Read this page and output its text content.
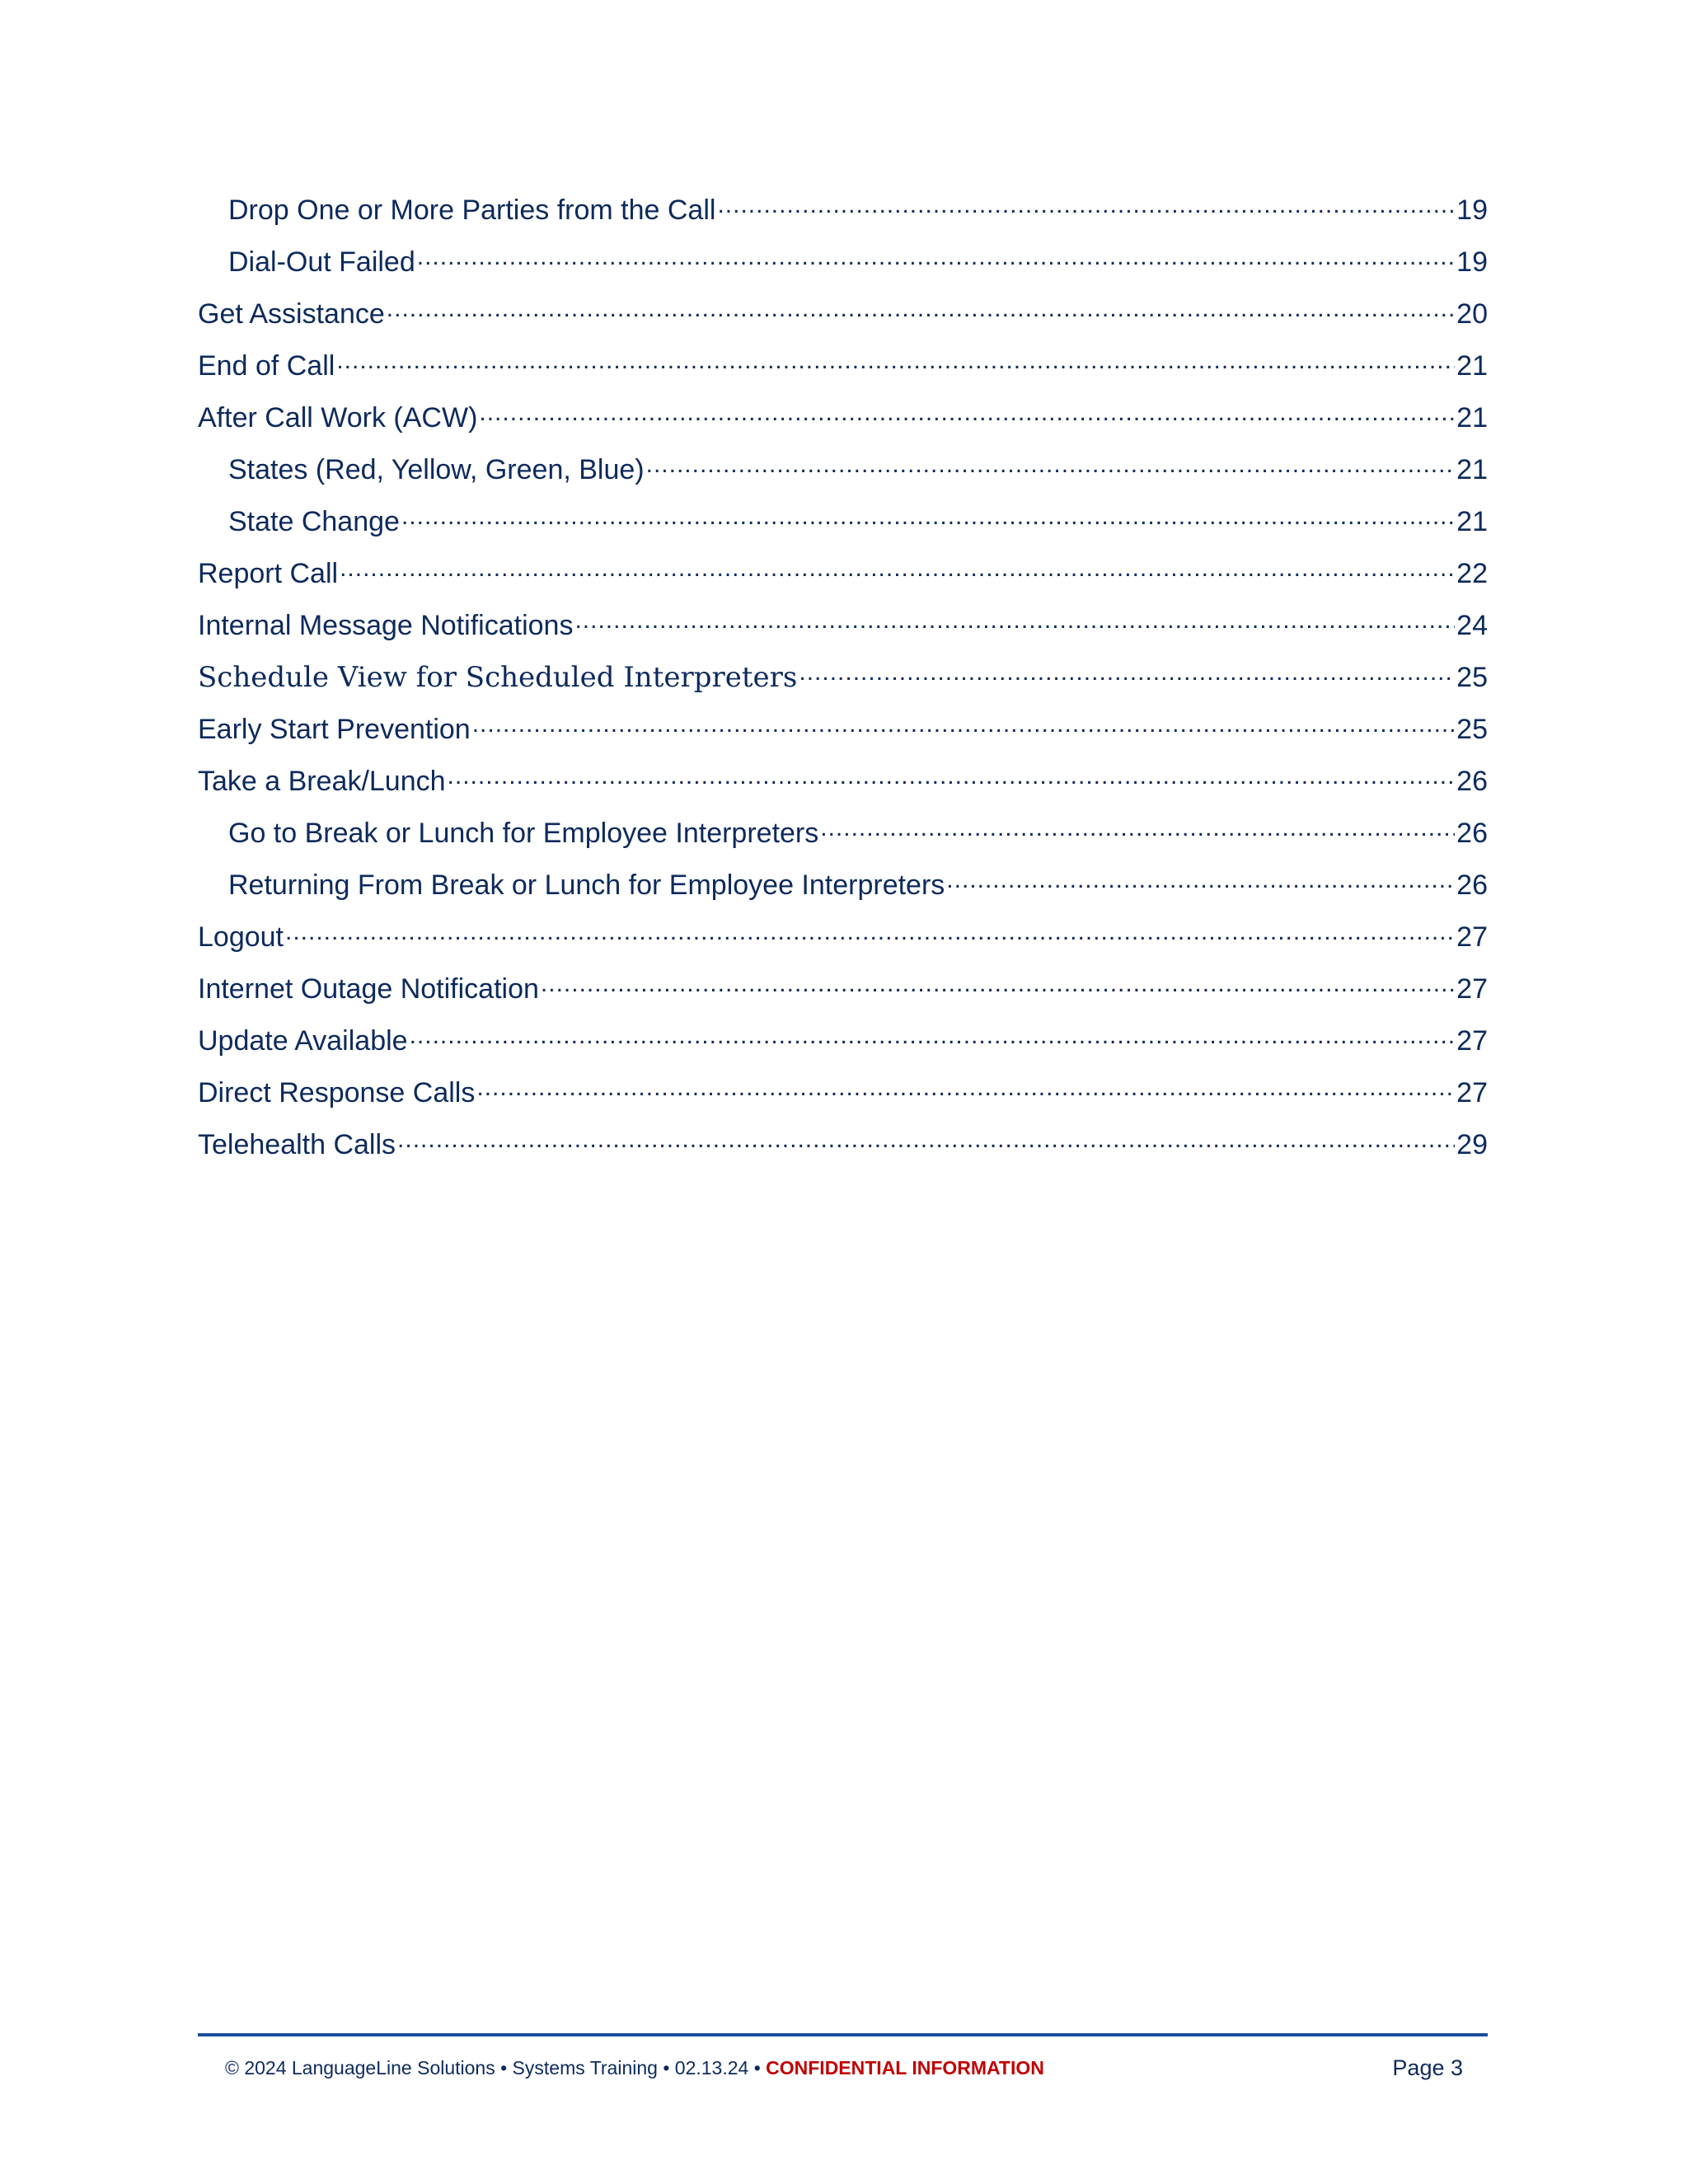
Drop One or More Parties from the Call .....	19
Dial-Out Failed .....	19
Get Assistance .....	20
End of Call .....	21
After Call Work (ACW) .....	21
States (Red, Yellow, Green, Blue) .....	21
State Change .....	21
Report Call .....	22
Internal Message Notifications .....	24
Schedule View for Scheduled Interpreters .....	25
Early Start Prevention .....	25
Take a Break/Lunch .....	26
Go to Break or Lunch for Employee Interpreters .....	26
Returning From Break or Lunch for Employee Interpreters .....	26
Logout .....	27
Internet Outage Notification .....	27
Update Available .....	27
Direct Response Calls .....	27
Telehealth Calls .....	29
© 2024 LanguageLine Solutions • Systems Training • 02.13.24 • CONFIDENTIAL INFORMATION	Page 3
